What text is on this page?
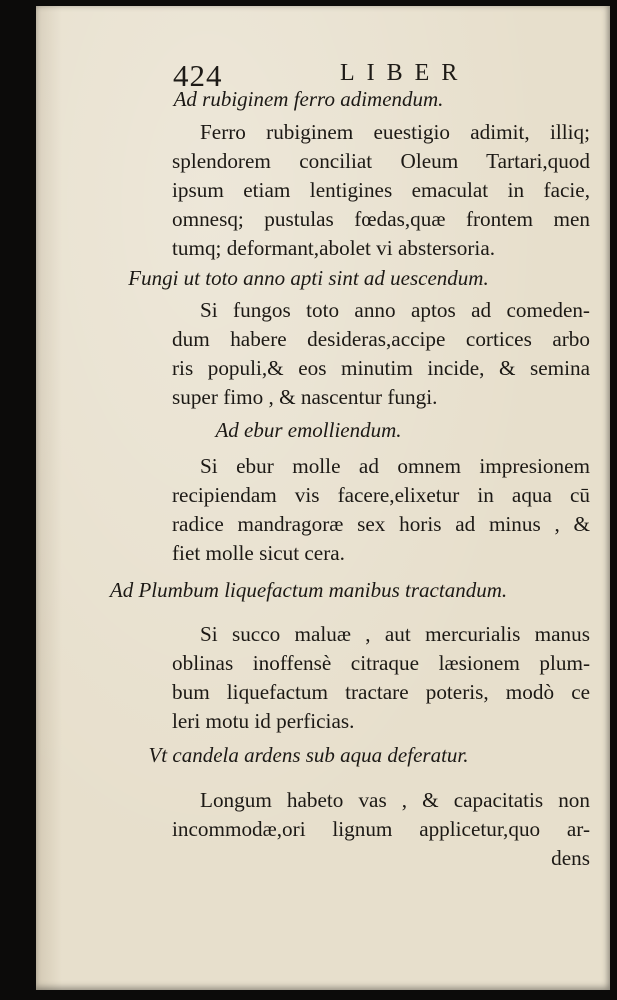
424	LIBER
Ad rubiginem ferro adimendum.
Ferro rubiginem euestigio adimit, illiq;
splendorem conciliat Oleum Tartari,quod
ipsum etiam lentigines emaculat in facie,
omnesq; pustulas fœdas,quæ frontem men
tumq; deformant,abolet vi abstersoria.
Fungi ut toto anno apti sint ad uescendum.
Si fungos toto anno aptos ad comeden-
dum habere desideras,accipe cortices arbo
ris populi,& eos minutim incide, & semina
super fimo , & nascentur fungi.
Ad ebur emolliendum.
Si ebur molle ad omnem impresionem
recipiendam vis facere,elixetur in aqua cū
radice mandragoræ sex horis ad minus , &
fiet molle sicut cera.
Ad Plumbum liquefactum manibus tractandum.
Si succo maluæ , aut mercurialis manus
oblinas inoffensè citraque læsionem plum-
bum liquefactum tractare poteris, modò ce
leri motu id perficias.
Vt candela ardens sub aqua deferatur.
Longum habeto vas , & capacitatis non
incommodæ,ori lignum applicetur,quo ar-
dens
